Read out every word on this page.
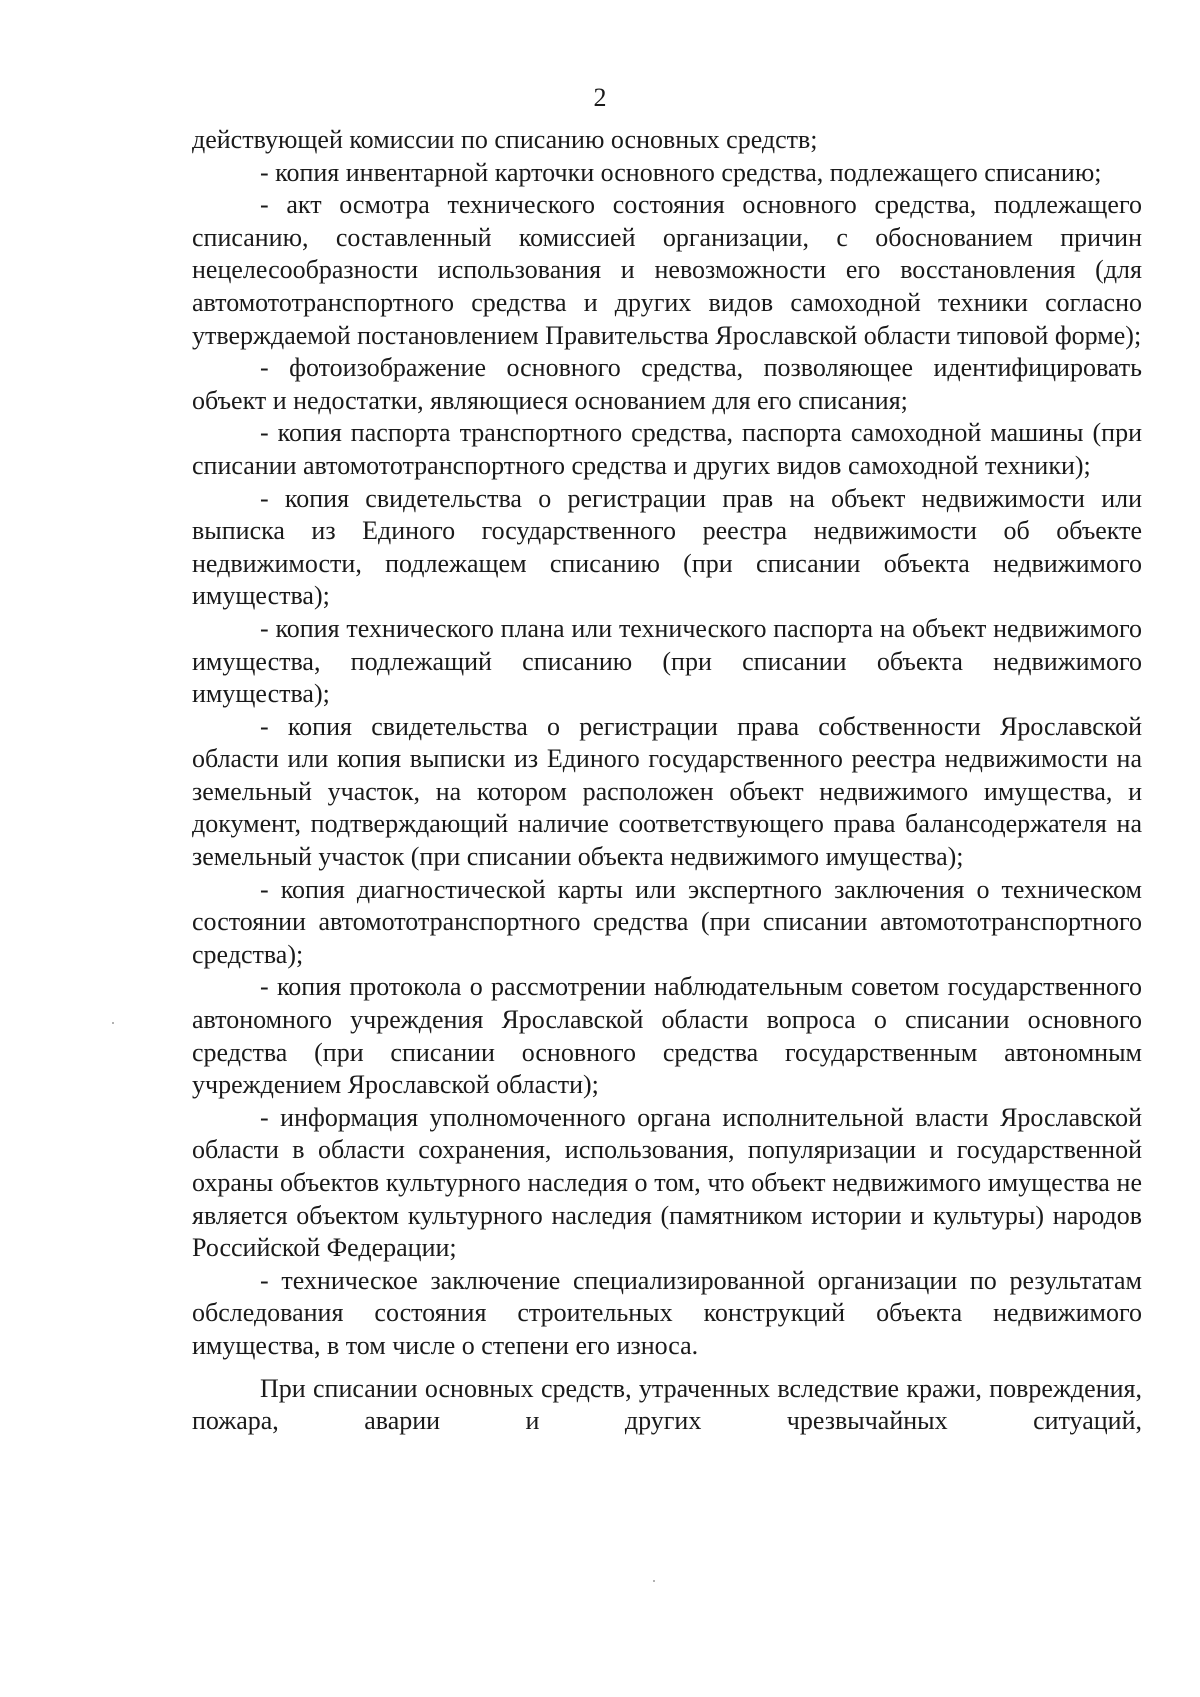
2

действующей комиссии по списанию основных средств;

- копия инвентарной карточки основного средства, подлежащего списанию;

- акт осмотра технического состояния основного средства, подлежащего списанию, составленный комиссией организации, с обоснованием причин нецелесообразности использования и невозможности его восстановления (для автомототранспортного средства и других видов самоходной техники согласно утверждаемой постановлением Правительства Ярославской области типовой форме);

- фотоизображение основного средства, позволяющее идентифицировать объект и недостатки, являющиеся основанием для его списания;

- копия паспорта транспортного средства, паспорта самоходной машины (при списании автомототранспортного средства и других видов самоходной техники);

- копия свидетельства о регистрации прав на объект недвижимости или выписка из Единого государственного реестра недвижимости об объекте недвижимости, подлежащем списанию (при списании объекта недвижимого имущества);

- копия технического плана или технического паспорта на объект недвижимого имущества, подлежащий списанию (при списании объекта недвижимого имущества);

- копия свидетельства о регистрации права собственности Ярославской области или копия выписки из Единого государственного реестра недвижимости на земельный участок, на котором расположен объект недвижимого имущества, и документ, подтверждающий наличие соответствующего права балансодержателя на земельный участок (при списании объекта недвижимого имущества);

- копия диагностической карты или экспертного заключения о техническом состоянии автомототранспортного средства (при списании автомототранспортного средства);

- копия протокола о рассмотрении наблюдательным советом государственного автономного учреждения Ярославской области вопроса о списании основного средства (при списании основного средства государственным автономным учреждением Ярославской области);

- информация уполномоченного органа исполнительной власти Ярославской области в области сохранения, использования, популяризации и государственной охраны объектов культурного наследия о том, что объект недвижимого имущества не является объектом культурного наследия (памятником истории и культуры) народов Российской Федерации;

- техническое заключение специализированной организации по результатам обследования состояния строительных конструкций объекта недвижимого имущества, в том числе о степени его износа.

При списании основных средств, утраченных вследствие кражи, повреждения, пожара, аварии и других чрезвычайных ситуаций,
